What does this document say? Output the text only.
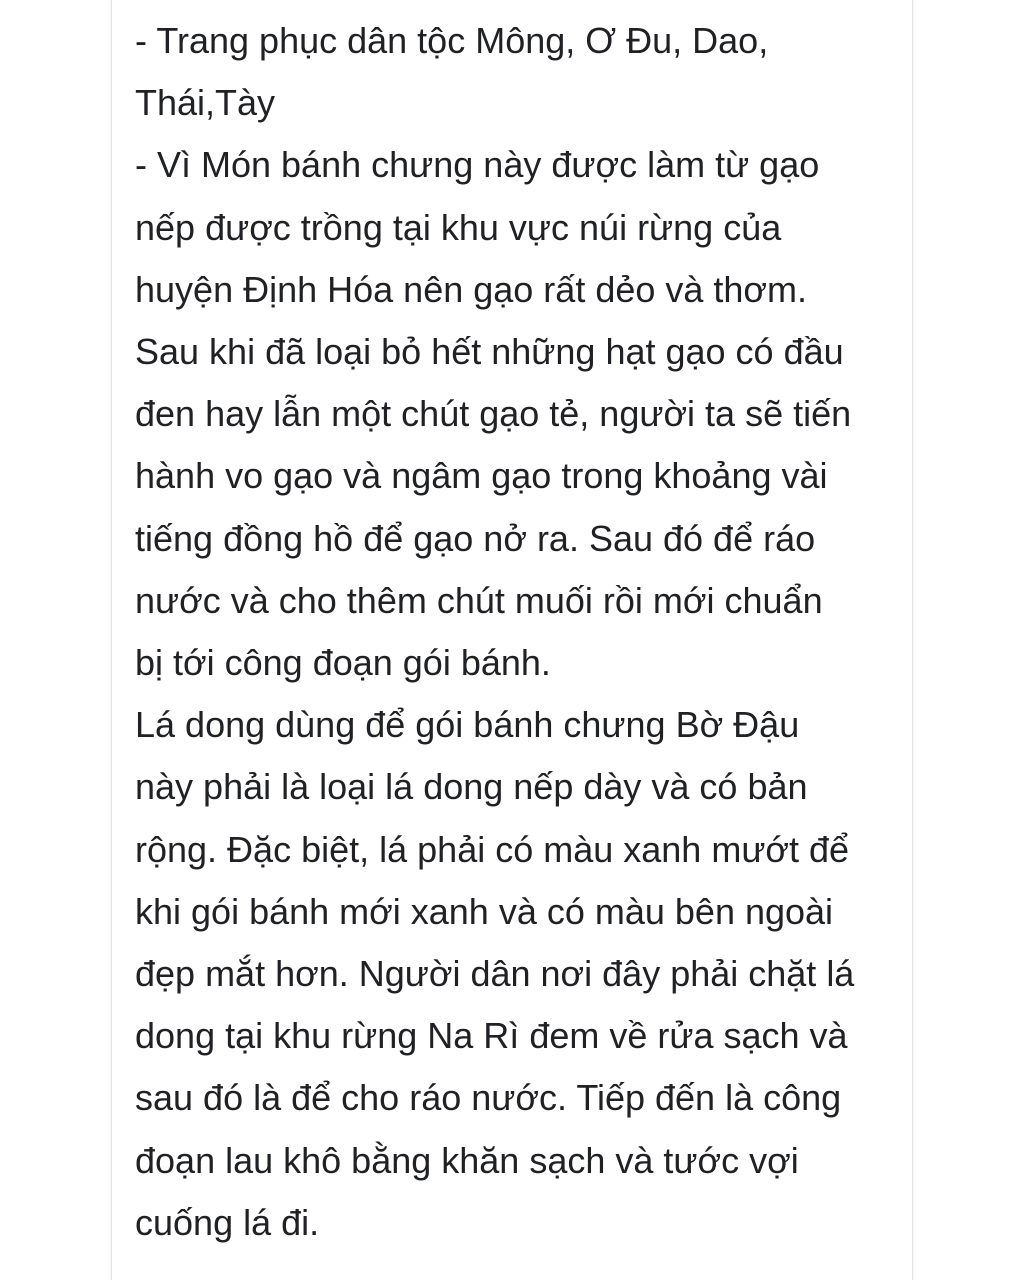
- Trang phục dân tộc Mông, Ơ Đu, Dao,
Thái,Tày
- Vì Món bánh chưng này được làm từ gạo
nếp được trồng tại khu vực núi rừng của
huyện Định Hóa nên gạo rất dẻo và thơm.
Sau khi đã loại bỏ hết những hạt gạo có đầu
đen hay lẫn một chút gạo tẻ, người ta sẽ tiến
hành vo gạo và ngâm gạo trong khoảng vài
tiếng đồng hồ để gạo nở ra. Sau đó để ráo
nước và cho thêm chút muối rồi mới chuẩn
bị tới công đoạn gói bánh.
Lá dong dùng để gói bánh chưng Bờ Đậu
này phải là loại lá dong nếp dày và có bản
rộng. Đặc biệt, lá phải có màu xanh mướt để
khi gói bánh mới xanh và có màu bên ngoài
đẹp mắt hơn. Người dân nơi đây phải chặt lá
dong tại khu rừng Na Rì đem về rửa sạch và
sau đó là để cho ráo nước. Tiếp đến là công
đoạn lau khô bằng khăn sạch và tước vợi
cuống lá đi.
